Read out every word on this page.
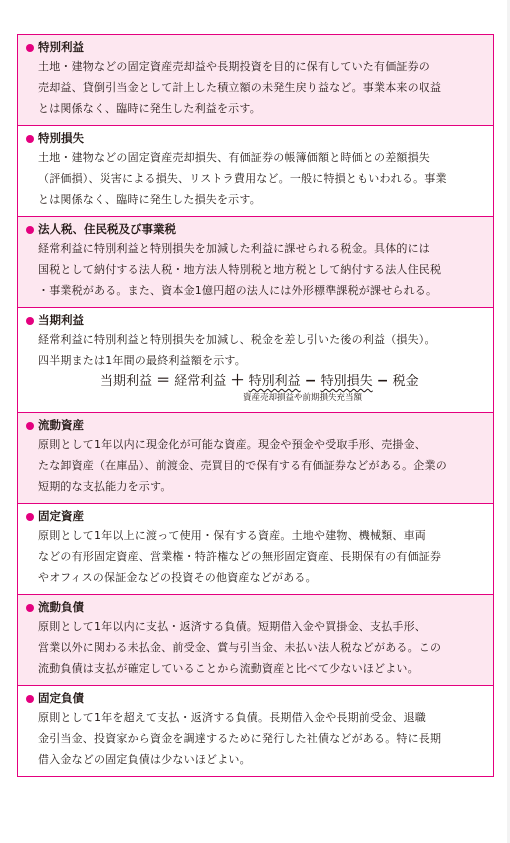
特別利益
土地・建物などの固定資産売却益や長期投資を目的に保有していた有価証券の
売却益、貸倒引当金として計上した積立額の未発生戻り益など。事業本来の収益
とは関係なく、臨時に発生した利益を示す。
特別損失
土地・建物などの固定資産売却損失、有価証券の帳簿価額と時価との差額損失
（評価損）、災害による損失、リストラ費用など。一般に特損ともいわれる。事業
とは関係なく、臨時に発生した損失を示す。
法人税、住民税及び事業税
経常利益に特別利益と特別損失を加減した利益に課せられる税金。具体的には
国税として納付する法人税・地方法人特別税と地方税として納付する法人住民税
・事業税がある。また、資本金1億円超の法人には外形標準課税が課せられる。
当期利益
経常利益に特別利益と特別損失を加減し、税金を差し引いた後の利益（損失）。
四半期または1年間の最終利益額を示す。
当期利益 ＝ 経常利益 ＋ 特別利益 − 特別損失 − 税金
資産売却損益や前期損失充当額
流動資産
原則として1年以内に現金化が可能な資産。現金や預金や受取手形、売掛金、
たな卸資産（在庫品）、前渡金、売買目的で保有する有価証券などがある。企業の
短期的な支払能力を示す。
固定資産
原則として1年以上に渡って使用・保有する資産。土地や建物、機械類、車両
などの有形固定資産、営業権・特許権などの無形固定資産、長期保有の有価証券
やオフィスの保証金などの投資その他資産などがある。
流動負債
原則として1年以内に支払・返済する負債。短期借入金や買掛金、支払手形、
営業以外に関わる未払金、前受金、賞与引当金、未払い法人税などがある。この
流動負債は支払が確定していることから流動資産と比べて少ないほどよい。
固定負債
原則として1年を超えて支払・返済する負債。長期借入金や長期前受金、退職
金引当金、投資家から資金を調達するために発行した社債などがある。特に長期
借入金などの固定負債は少ないほどよい。
